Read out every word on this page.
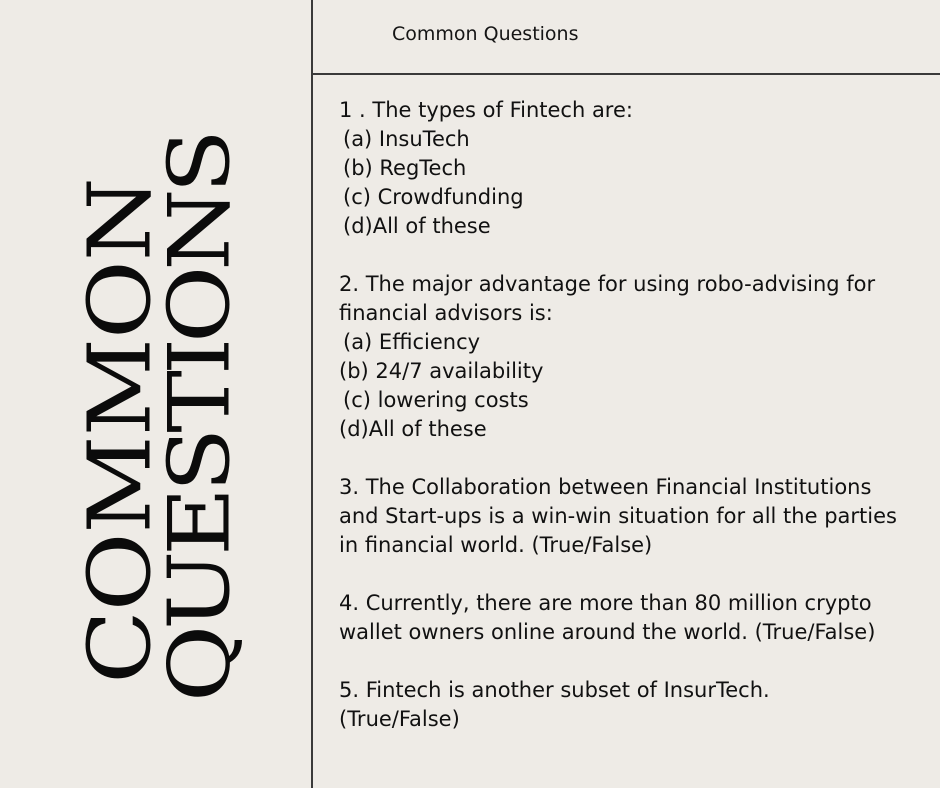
COMMON
QUESTIONS
Common Questions
1 . The types of Fintech are:
(a) InsuTech
(b) RegTech
(c) Crowdfunding
(d)All of these
2. The major advantage for using robo-advising for
financial advisors is:
(a) Efficiency
(b) 24/7 availability
(c) lowering costs
(d)All of these
3. The Collaboration between Financial Institutions
and Start-ups is a win-win situation for all the parties
in financial world. (True/False)
4. Currently, there are more than 80 million crypto
wallet owners online around the world. (True/False)
5. Fintech is another subset of InsurTech.
(True/False)
